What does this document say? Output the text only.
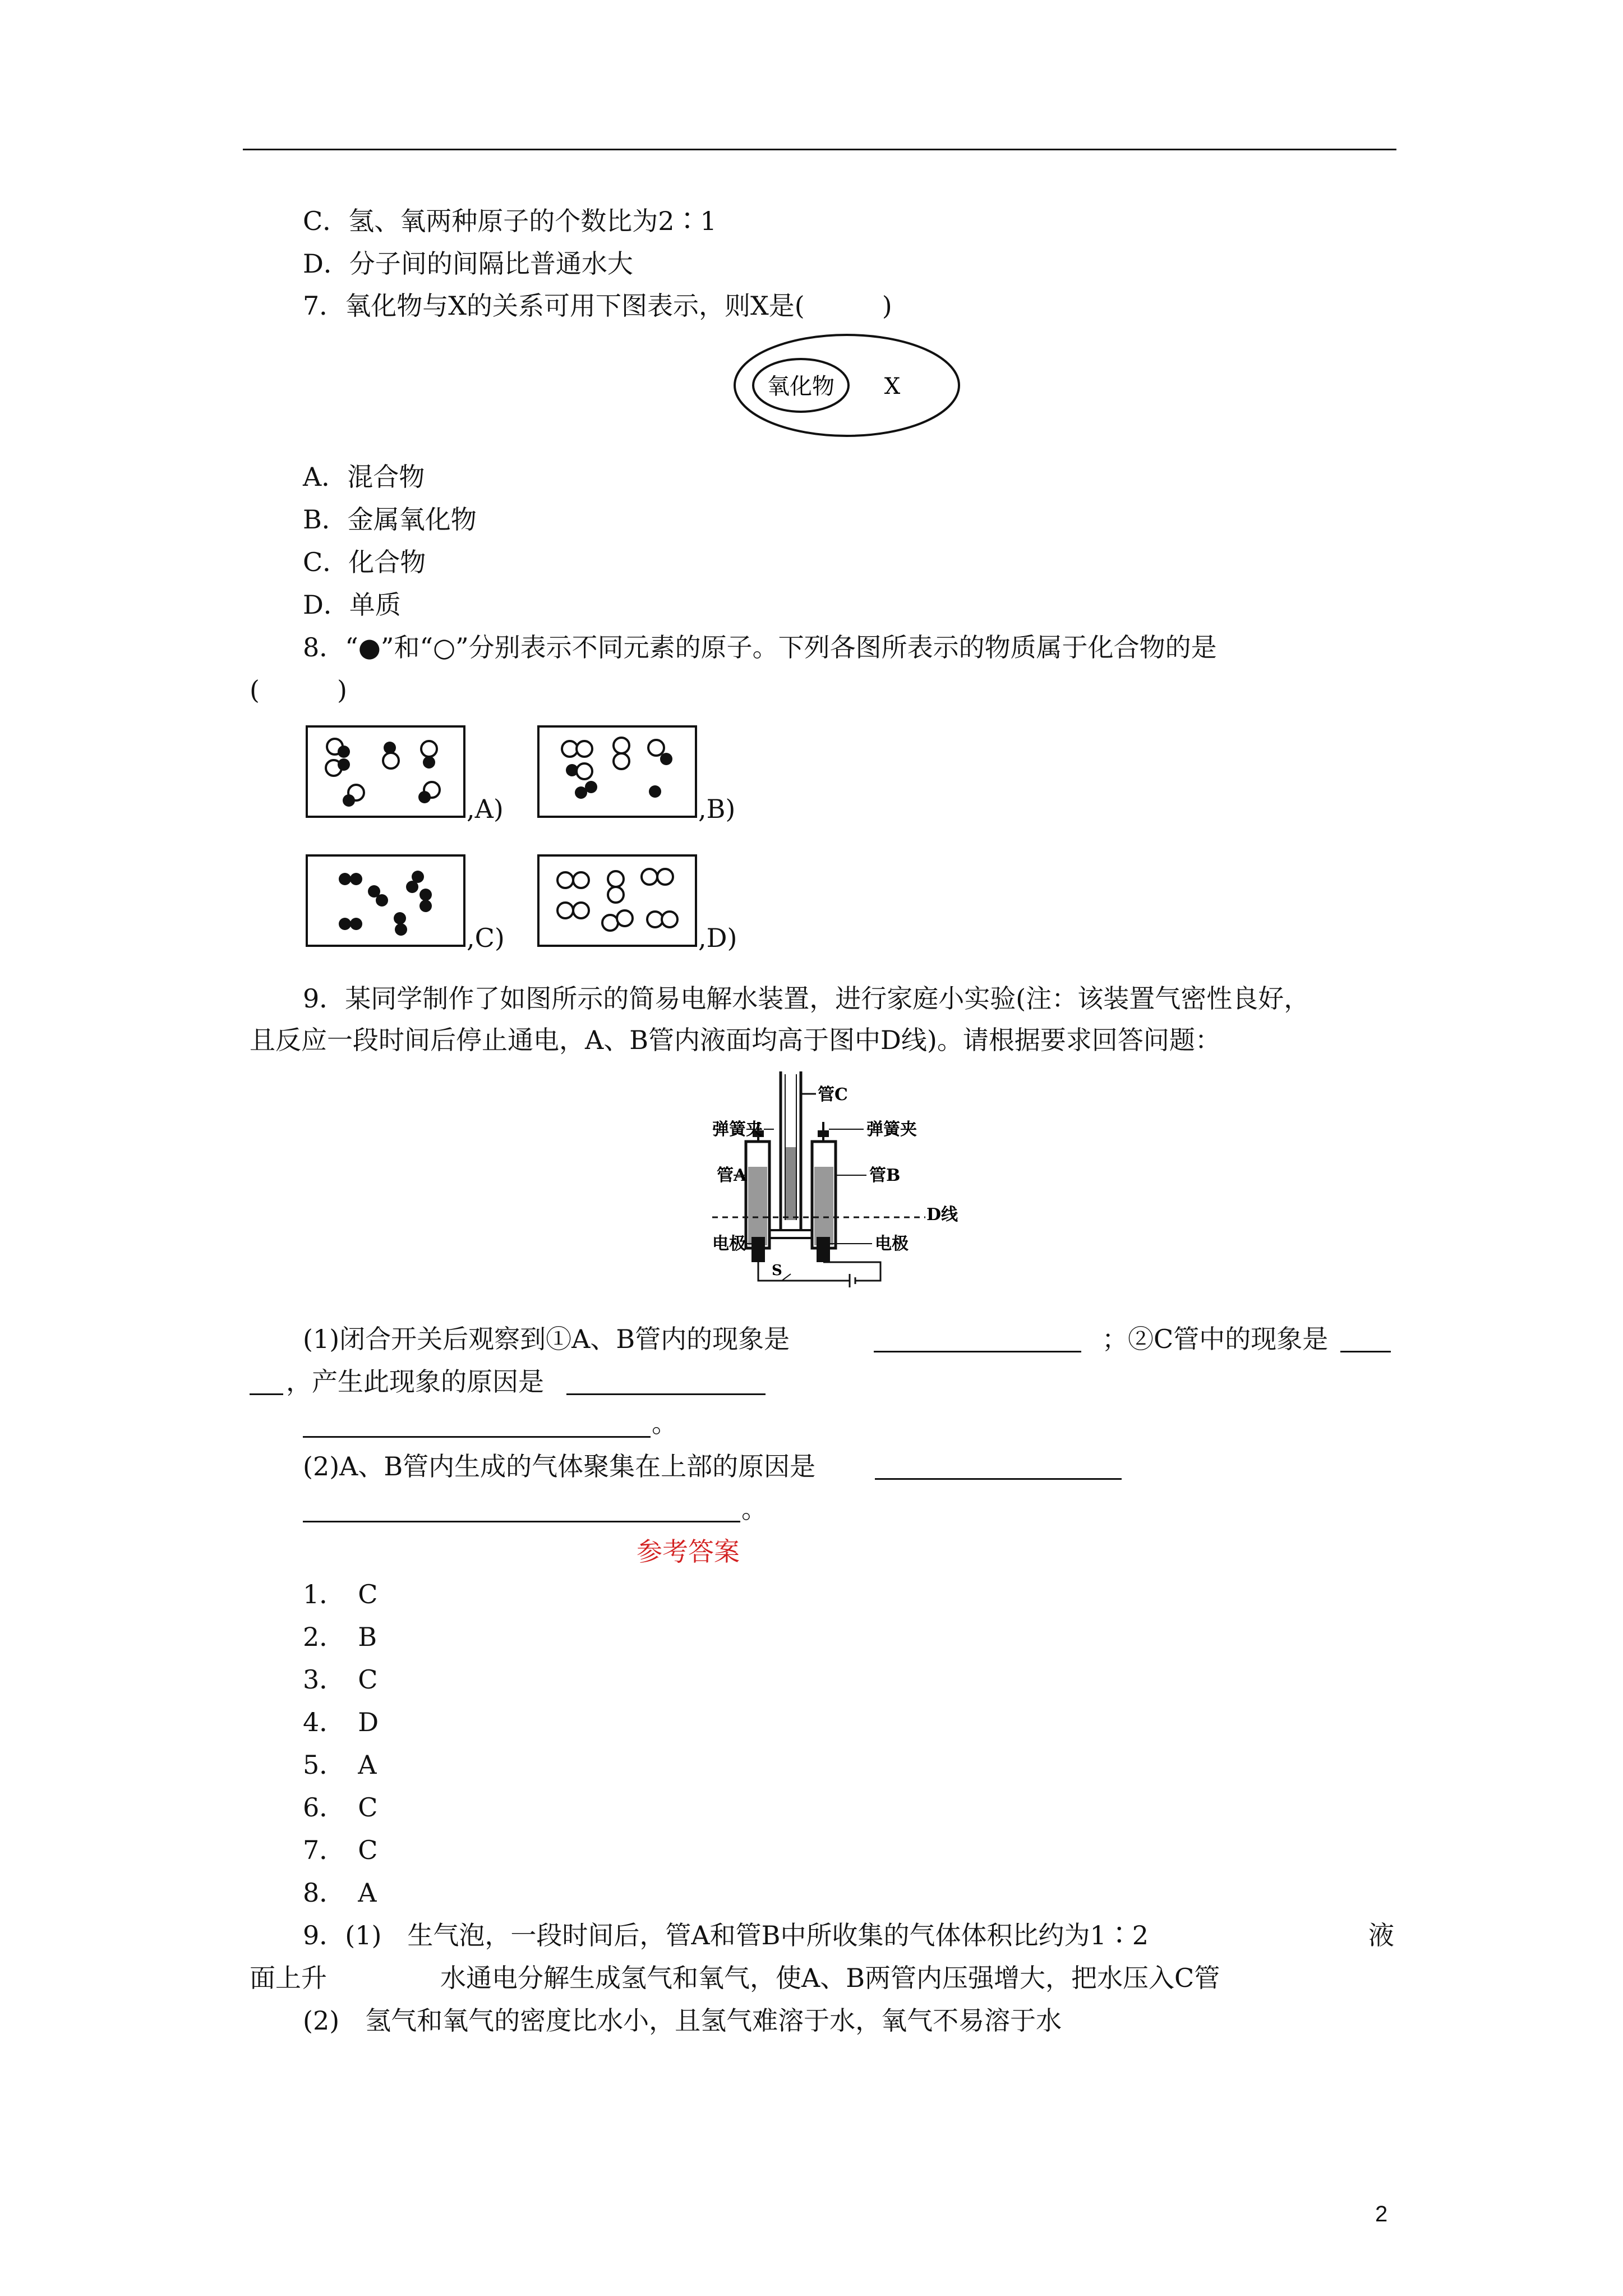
C．氢、氧两种原子的个数比为2∶1
D．分子间的间隔比普通水大
7．氧化物与X的关系可用下图表示，则X是(　　　)
氧化物 X
A．混合物
B．金属氧化物
C．化合物
D．单质
8．“●”和“○”分别表示不同元素的原子。下列各图所表示的物质属于化合物的是
(　　　)
,A)	,B)
,C)	,D)
9．某同学制作了如图所示的简易电解水装置，进行家庭小实验(注：该装置气密性良好，
且反应一段时间后停止通电，A、B管内液面均高于图中D线)。请根据要求回答问题：
管C
弹簧夹	弹簧夹
管A	管B
D线
电极	电极
S
(1)闭合开关后观察到①A、B管内的现象是	；②C管中的现象是
，产生此现象的原因是
。
(2)A、B管内生成的气体聚集在上部的原因是
。
参考答案
1．　C
2．　B
3．　C
4．　D
5．　A
6．　C
7．　C
8．　A
9．(1)　生气泡，一段时间后，管A和管B中所收集的气体体积比约为1∶2	液
面上升	水通电分解生成氢气和氧气，使A、B两管内压强增大，把水压入C管
(2)　氢气和氧气的密度比水小，且氢气难溶于水，氧气不易溶于水
2
